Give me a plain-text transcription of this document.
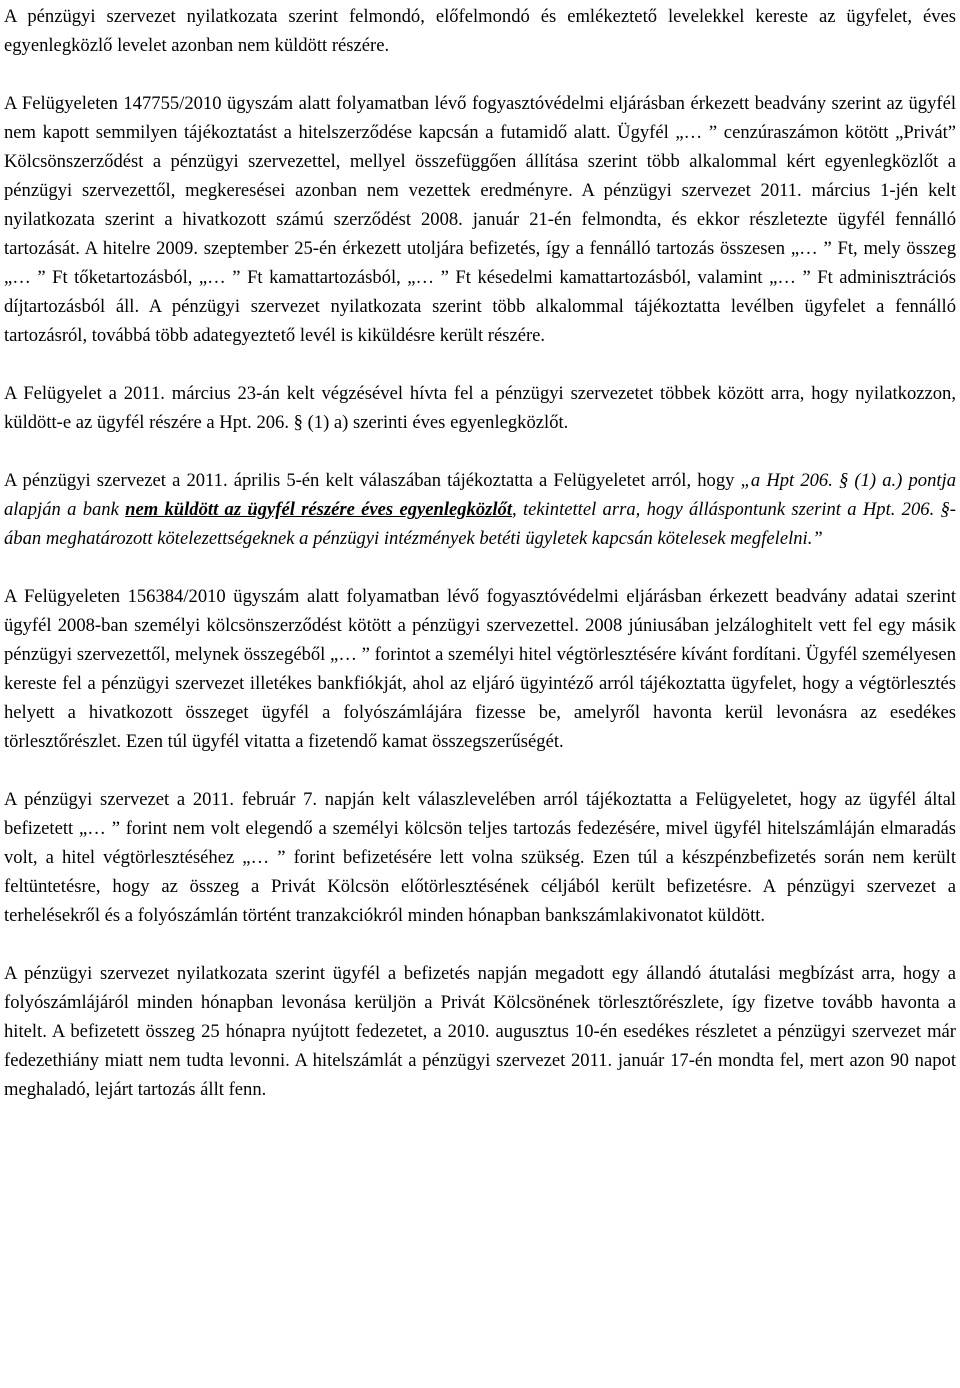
A pénzügyi szervezet nyilatkozata szerint felmondó, előfelmondó és emlékeztető levelekkel kereste az ügyfelet, éves egyenlegközlő levelet azonban nem küldött részére.

A Felügyeleten 147755/2010 ügyszám alatt folyamatban lévő fogyasztóvédelmi eljárásban érkezett beadvány szerint az ügyfél nem kapott semmilyen tájékoztatást a hitelszerződése kapcsán a futamidő alatt. Ügyfél „… ” cenzúraszámon kötött „Privát” Kölcsönszerződést a pénzügyi szervezettel, mellyel összefüggően állítása szerint több alkalommal kért egyenlegközlőt a pénzügyi szervezettől, megkeresései azonban nem vezettek eredményre. A pénzügyi szervezet 2011. március 1-jén kelt nyilatkozata szerint a hivatkozott számú szerződést 2008. január 21-én felmondta, és ekkor részletezte ügyfél fennálló tartozását. A hitelre 2009. szeptember 25-én érkezett utoljára befizetés, így a fennálló tartozás összesen „… ” Ft, mely összeg „… ” Ft tőketartozásból, „… ” Ft kamattartozásból, „… ” Ft késedelmi kamattartozásból, valamint „… ” Ft adminisztrációs díjtartozásból áll. A pénzügyi szervezet nyilatkozata szerint több alkalommal tájékoztatta levélben ügyfelet a fennálló tartozásról, továbbá több adategyeztető levél is kiküldésre került részére.

A Felügyelet a 2011. március 23-án kelt végzésével hívta fel a pénzügyi szervezetet többek között arra, hogy nyilatkozzon, küldött-e az ügyfél részére a Hpt. 206. § (1) a) szerinti éves egyenlegközlőt.

A pénzügyi szervezet a 2011. április 5-én kelt válaszában tájékoztatta a Felügyeletet arról, hogy „a Hpt 206. § (1) a.) pontja alapján a bank nem küldött az ügyfél részére éves egyenlegközlőt, tekintettel arra, hogy álláspontunk szerint a Hpt. 206. §-ában meghatározott kötelezettségeknek a pénzügyi intézmények betéti ügyletek kapcsán kötelesek megfelelni.”

A Felügyeleten 156384/2010 ügyszám alatt folyamatban lévő fogyasztóvédelmi eljárásban érkezett beadvány adatai szerint ügyfél 2008-ban személyi kölcsönszerződést kötött a pénzügyi szervezettel. 2008 júniusában jelzáloghitelt vett fel egy másik pénzügyi szervezettől, melynek összegéből „… ” forintot a személyi hitel végtörlesztésére kívánt fordítani. Ügyfél személyesen kereste fel a pénzügyi szervezet illetékes bankfiókját, ahol az eljáró ügyintéző arról tájékoztatta ügyfelet, hogy a végtörlesztés helyett a hivatkozott összeget ügyfél a folyószámlájára fizesse be, amelyről havonta kerül levonásra az esedékes törlesztőrészlet. Ezen túl ügyfél vitatta a fizetendő kamat összegszerűségét.

A pénzügyi szervezet a 2011. február 7. napján kelt válaszlevelében arról tájékoztatta a Felügyeletet, hogy az ügyfél által befizetett „… ” forint nem volt elegendő a személyi kölcsön teljes tartozás fedezésére, mivel ügyfél hitelszámláján elmaradás volt, a hitel végtörlesztéséhez „… ” forint befizetésére lett volna szükség. Ezen túl a készpénzbefizetés során nem került feltüntetésre, hogy az összeg a Privát Kölcsön előtörlesztésének céljából került befizetésre. A pénzügyi szervezet a terhelésekről és a folyószámlán történt tranzakciókról minden hónapban bankszámlakivonatot küldött.

A pénzügyi szervezet nyilatkozata szerint ügyfél a befizetés napján megadott egy állandó átutalási megbízást arra, hogy a folyószámlájáról minden hónapban levonása kerüljön a Privát Kölcsönének törlesztőrészlete, így fizetve tovább havonta a hitelt. A befizetett összeg 25 hónapra nyújtott fedezetet, a 2010. augusztus 10-én esedékes részletet a pénzügyi szervezet már fedezethiány miatt nem tudta levonni. A hitelszámlát a pénzügyi szervezet 2011. január 17-én mondta fel, mert azon 90 napot meghaladó, lejárt tartozás állt fenn.
